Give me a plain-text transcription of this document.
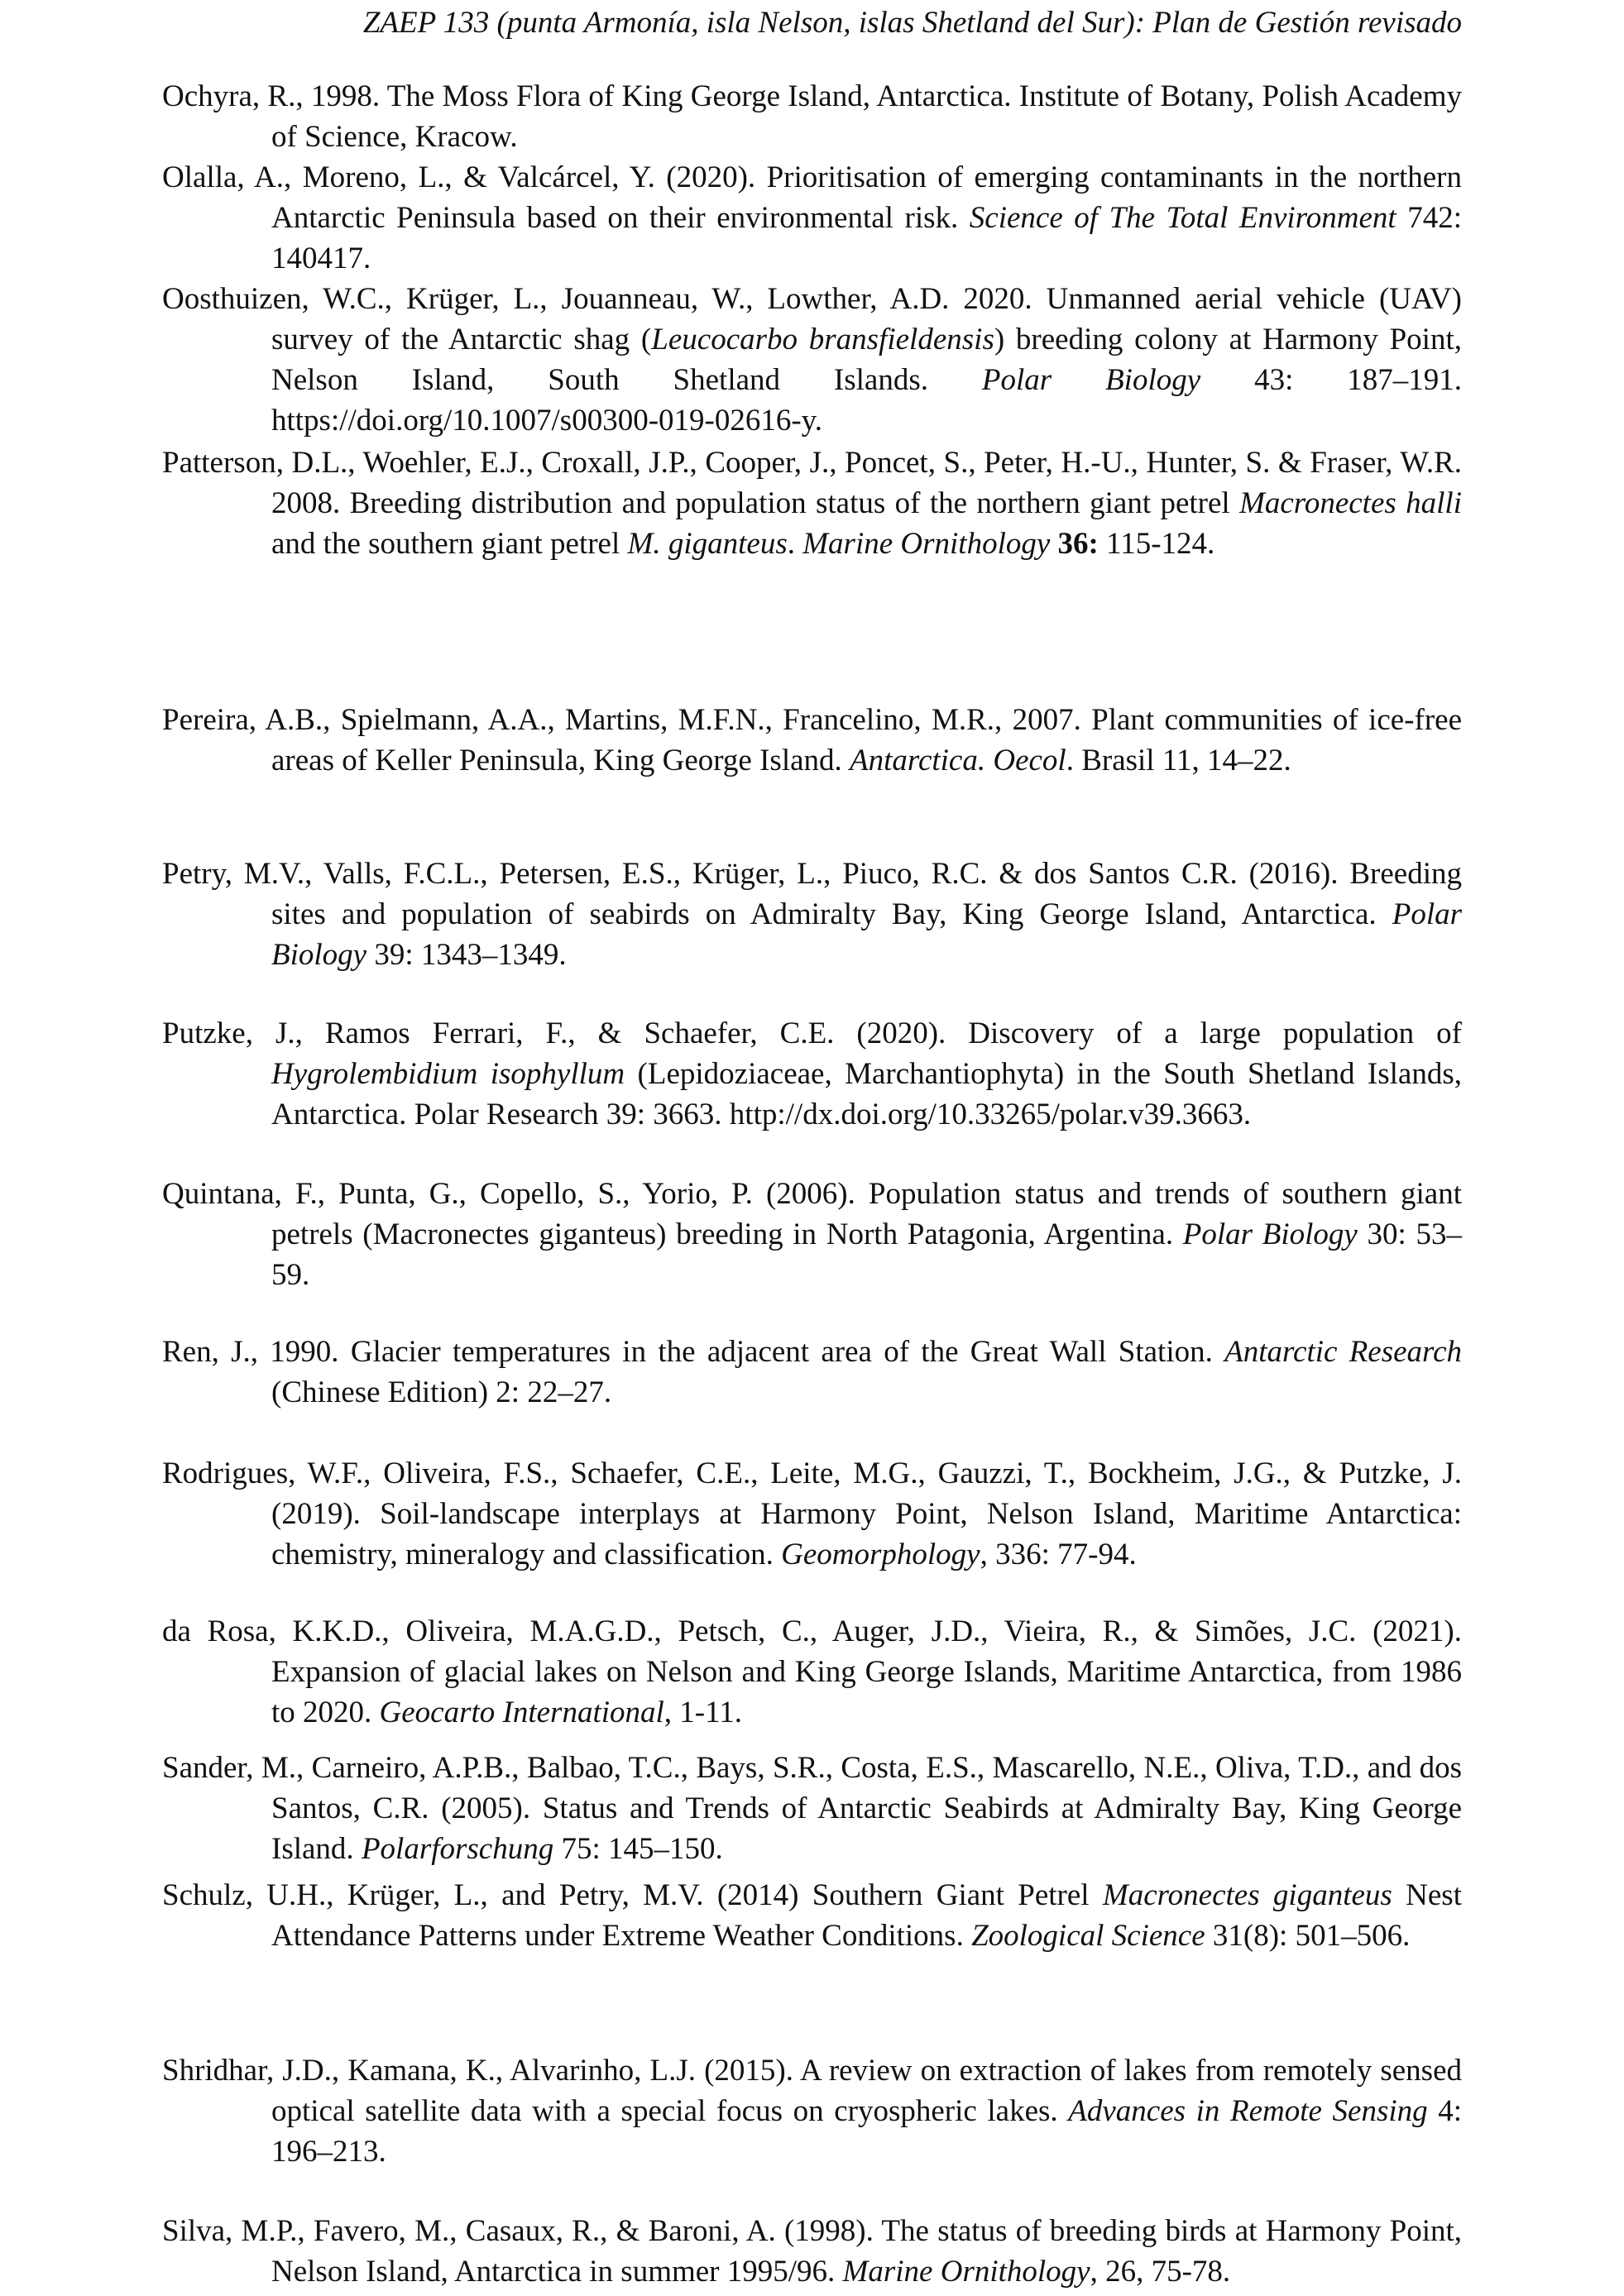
ZAEP 133 (punta Armonía, isla Nelson, islas Shetland del Sur): Plan de Gestión revisado

Ochyra, R., 1998. The Moss Flora of King George Island, Antarctica. Institute of Botany, Polish Academy of Science, Kracow.

Olalla, A., Moreno, L., & Valcárcel, Y. (2020). Prioritisation of emerging contaminants in the northern Antarctic Peninsula based on their environmental risk. Science of The Total Environment 742: 140417.

Oosthuizen, W.C., Krüger, L., Jouanneau, W., Lowther, A.D. 2020. Unmanned aerial vehicle (UAV) survey of the Antarctic shag (Leucocarbo bransfieldensis) breeding colony at Harmony Point, Nelson Island, South Shetland Islands. Polar Biology 43: 187–191. https://doi.org/10.1007/s00300-019-02616-y.

Patterson, D.L., Woehler, E.J., Croxall, J.P., Cooper, J., Poncet, S., Peter, H.-U., Hunter, S. & Fraser, W.R. 2008. Breeding distribution and population status of the northern giant petrel Macronectes halli and the southern giant petrel M. giganteus. Marine Ornithology 36: 115-124.

Pereira, A.B., Spielmann, A.A., Martins, M.F.N., Francelino, M.R., 2007. Plant communities of ice-free areas of Keller Peninsula, King George Island. Antarctica. Oecol. Brasil 11, 14–22.

Petry, M.V., Valls, F.C.L., Petersen, E.S., Krüger, L., Piuco, R.C. & dos Santos C.R. (2016). Breeding sites and population of seabirds on Admiralty Bay, King George Island, Antarctica. Polar Biology 39: 1343–1349.

Putzke, J., Ramos Ferrari, F., & Schaefer, C.E. (2020). Discovery of a large population of Hygrolembidium isophyllum (Lepidoziaceae, Marchantiophyta) in the South Shetland Islands, Antarctica. Polar Research 39: 3663. http://dx.doi.org/10.33265/polar.v39.3663.

Quintana, F., Punta, G., Copello, S., Yorio, P. (2006). Population status and trends of southern giant petrels (Macronectes giganteus) breeding in North Patagonia, Argentina. Polar Biology 30: 53–59.

Ren, J., 1990. Glacier temperatures in the adjacent area of the Great Wall Station. Antarctic Research (Chinese Edition) 2: 22–27.

Rodrigues, W.F., Oliveira, F.S., Schaefer, C.E., Leite, M.G., Gauzzi, T., Bockheim, J.G., & Putzke, J. (2019). Soil-landscape interplays at Harmony Point, Nelson Island, Maritime Antarctica: chemistry, mineralogy and classification. Geomorphology, 336: 77-94.

da Rosa, K.K.D., Oliveira, M.A.G.D., Petsch, C., Auger, J.D., Vieira, R., & Simões, J.C. (2021). Expansion of glacial lakes on Nelson and King George Islands, Maritime Antarctica, from 1986 to 2020. Geocarto International, 1-11.

Sander, M., Carneiro, A.P.B., Balbao, T.C., Bays, S.R., Costa, E.S., Mascarello, N.E., Oliva, T.D., and dos Santos, C.R. (2005). Status and Trends of Antarctic Seabirds at Admiralty Bay, King George Island. Polarforschung 75: 145–150.

Schulz, U.H., Krüger, L., and Petry, M.V. (2014) Southern Giant Petrel Macronectes giganteus Nest Attendance Patterns under Extreme Weather Conditions. Zoological Science 31(8): 501–506.

Shridhar, J.D., Kamana, K., Alvarinho, L.J. (2015). A review on extraction of lakes from remotely sensed optical satellite data with a special focus on cryospheric lakes. Advances in Remote Sensing 4: 196–213.

Silva, M.P., Favero, M., Casaux, R., & Baroni, A. (1998). The status of breeding birds at Harmony Point, Nelson Island, Antarctica in summer 1995/96. Marine Ornithology, 26, 75-78.
